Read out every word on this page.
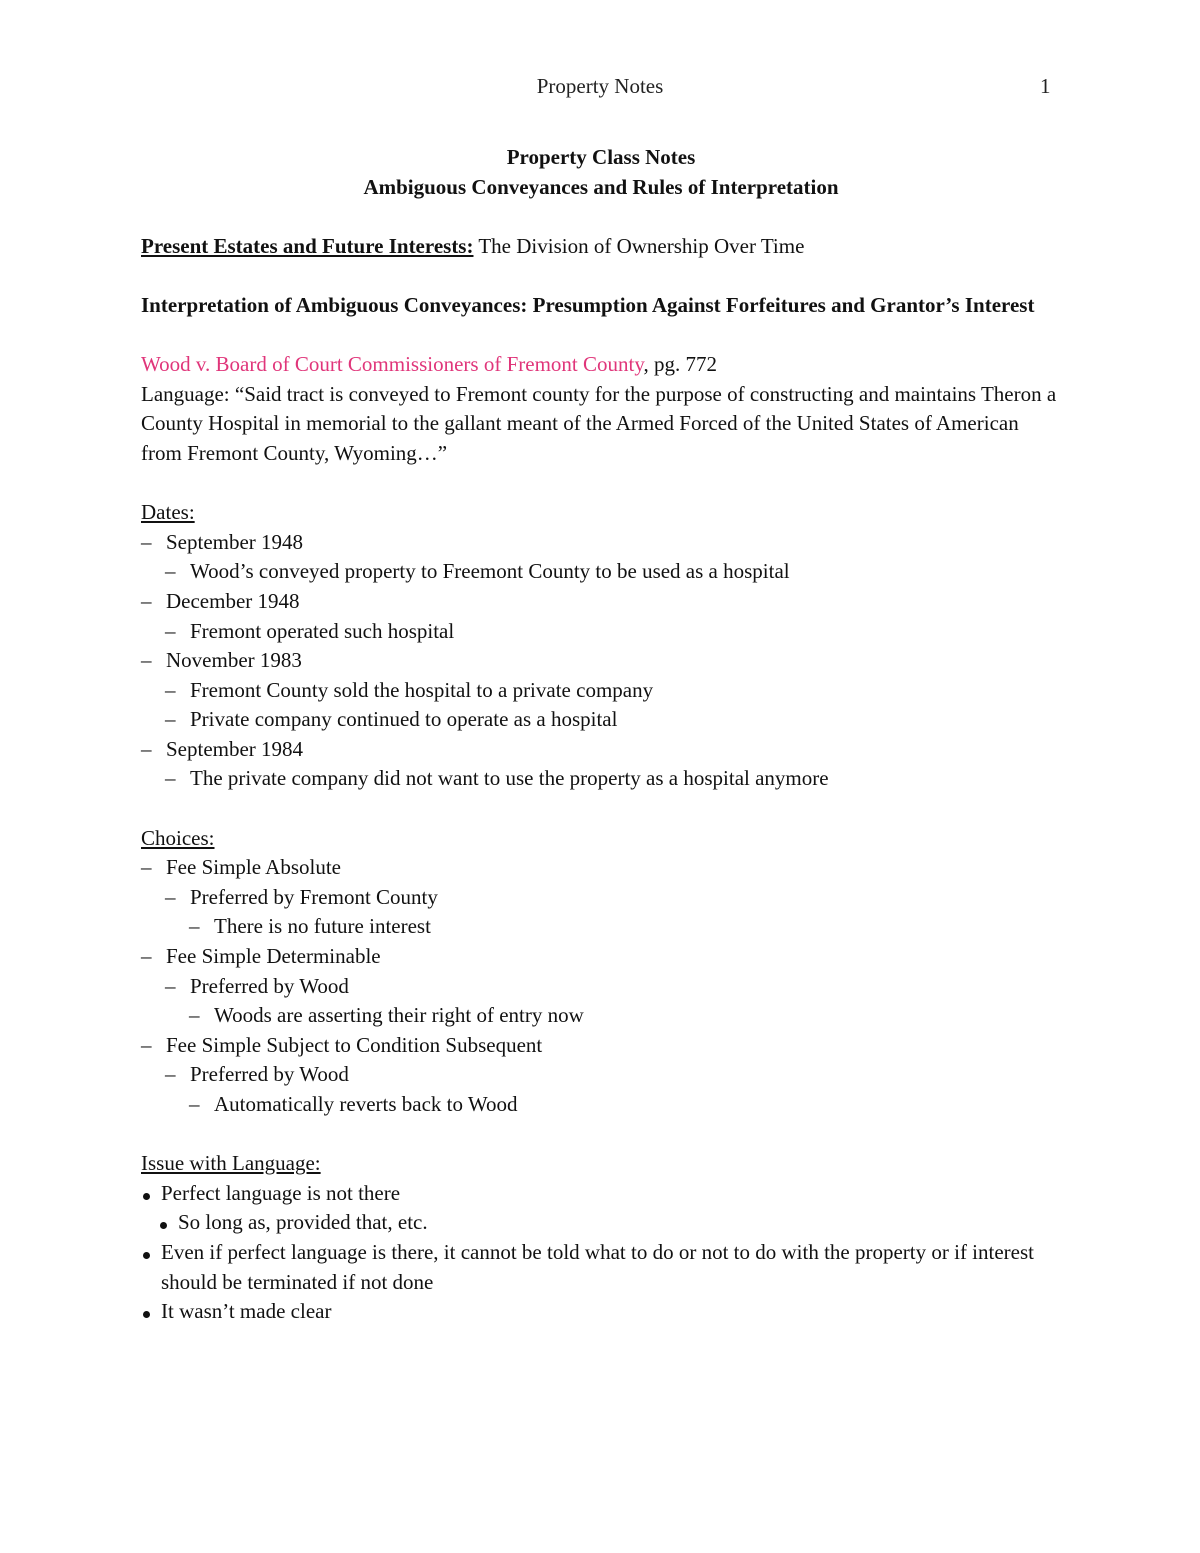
Property Notes	1

Property Class Notes

Ambiguous Conveyances and Rules of Interpretation

Present Estates and Future Interests: The Division of Ownership Over Time

Interpretation of Ambiguous Conveyances: Presumption Against Forfeitures and Grantor’s Interest

Wood v. Board of Court Commissioners of Fremont County, pg. 772

Language: “Said tract is conveyed to Fremont county for the purpose of constructing and maintains Theron a County Hospital in memorial to the gallant meant of the Armed Forced of the United States of American from Fremont County, Wyoming…”

Dates:

– September 1948

– Wood’s conveyed property to Freemont County to be used as a hospital

– December 1948

– Fremont operated such hospital

– November 1983

– Fremont County sold the hospital to a private company

– Private company continued to operate as a hospital

– September 1984

– The private company did not want to use the property as a hospital anymore

Choices:

– Fee Simple Absolute

– Preferred by Fremont County

– There is no future interest

– Fee Simple Determinable

– Preferred by Wood

– Woods are asserting their right of entry now

– Fee Simple Subject to Condition Subsequent

– Preferred by Wood

– Automatically reverts back to Wood

Issue with Language:

Perfect language is not there

So long as, provided that, etc.

Even if perfect language is there, it cannot be told what to do or not to do with the property or if interest should be terminated if not done

It wasn’t made clear
